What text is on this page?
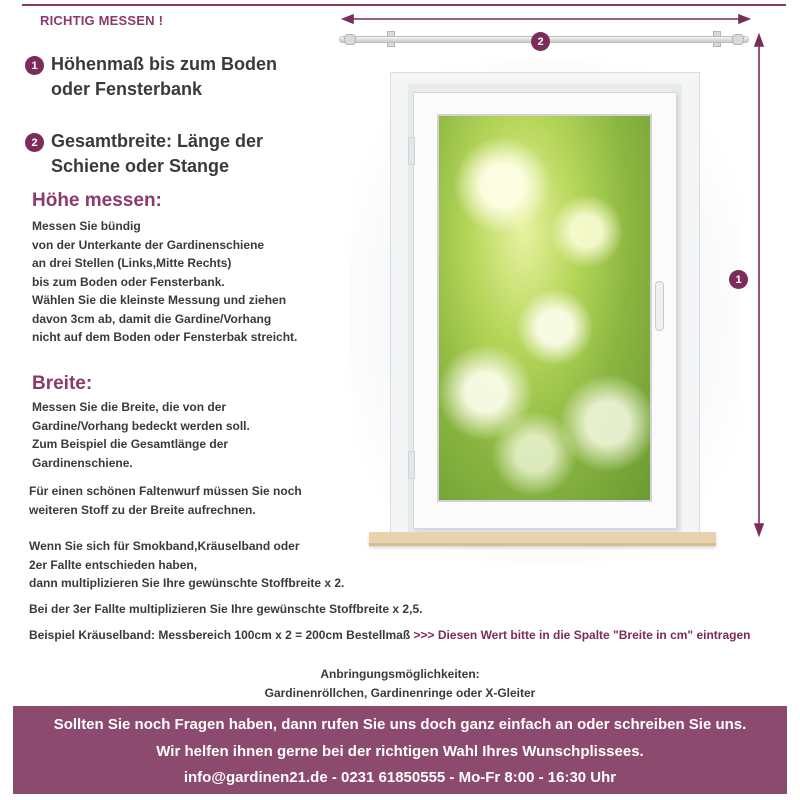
RICHTIG MESSEN !
1 Höhenmaß bis zum Boden
oder Fensterbank
2 Gesamtbreite: Länge der
Schiene oder Stange
Höhe messen:
Messen Sie bündig
von der Unterkante der Gardinenschiene
an drei Stellen (Links,Mitte Rechts)
bis zum Boden oder Fensterbank.
Wählen Sie die kleinste Messung und ziehen
davon 3cm ab, damit die Gardine/Vorhang
nicht auf dem Boden oder Fensterbak streicht.
Breite:
Messen Sie die Breite, die von der
Gardine/Vorhang bedeckt werden soll.
Zum Beispiel die Gesamtlänge der
Gardinenschiene.
Für einen schönen Faltenwurf müssen Sie noch
weiteren Stoff zu der Breite aufrechnen.
Wenn Sie sich für Smokband,Kräuselband oder
2er Fallte entschieden haben,
dann multiplizieren Sie Ihre gewünschte Stoffbreite x 2.
Bei der 3er Fallte multiplizieren Sie Ihre gewünschte Stoffbreite x 2,5.
Beispiel Kräuselband: Messbereich 100cm x 2 = 200cm Bestellmaß >>> Diesen Wert bitte in die Spalte "Breite in cm" eintragen
Anbringungsmöglichkeiten:
Gardinenröllchen, Gardinenringe oder X-Gleiter
2
1
Sollten Sie noch Fragen haben, dann rufen Sie uns doch ganz einfach an oder schreiben Sie uns.
Wir helfen ihnen gerne bei der richtigen Wahl Ihres Wunschplissees.
info@gardinen21.de - 0231 61850555 - Mo-Fr 8:00 - 16:30 Uhr
